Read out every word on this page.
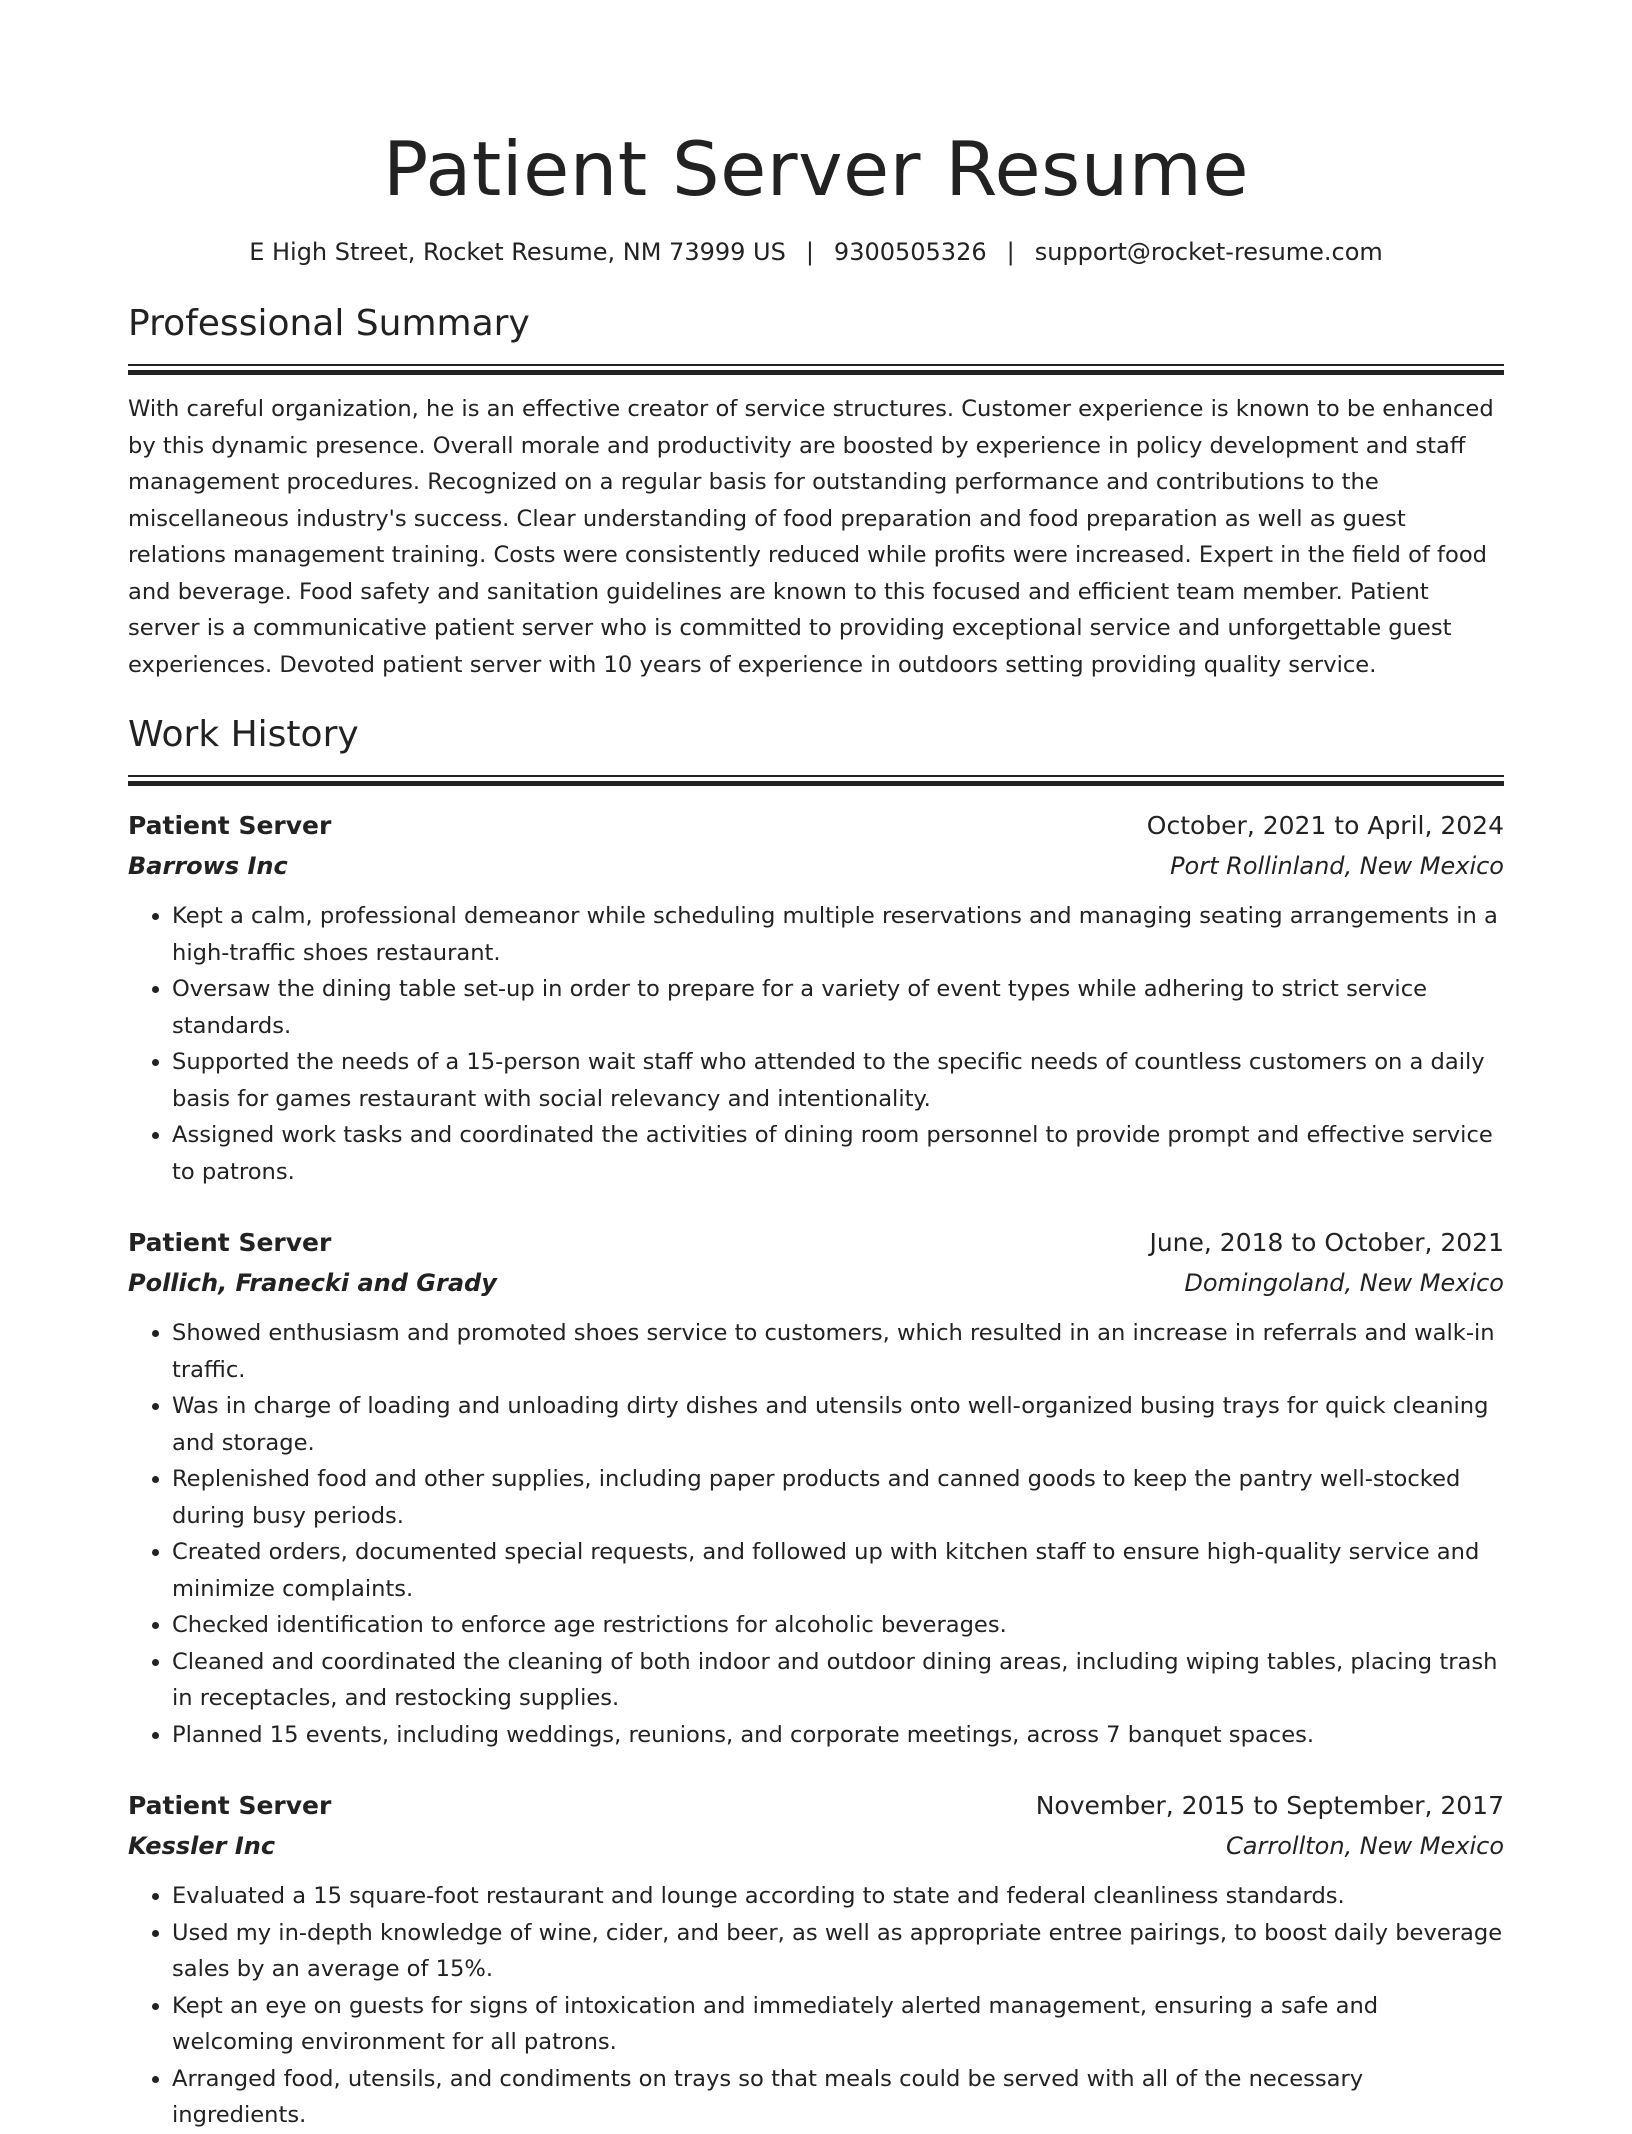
Patient Server Resume
E High Street, Rocket Resume, NM 73999 US | 9300505326 | support@rocket-resume.com
Professional Summary

With careful organization, he is an effective creator of service structures. Customer experience is known to be enhanced by this dynamic presence. Overall morale and productivity are boosted by experience in policy development and staff management procedures. Recognized on a regular basis for outstanding performance and contributions to the miscellaneous industry's success. Clear understanding of food preparation and food preparation as well as guest relations management training. Costs were consistently reduced while profits were increased. Expert in the field of food and beverage. Food safety and sanitation guidelines are known to this focused and efficient team member. Patient server is a communicative patient server who is committed to providing exceptional service and unforgettable guest experiences. Devoted patient server with 10 years of experience in outdoors setting providing quality service.

Work History
Patient Server	October, 2021 to April, 2024
Barrows Inc	Port Rollinland, New Mexico
• Kept a calm, professional demeanor while scheduling multiple reservations and managing seating arrangements in a high-traffic shoes restaurant.
• Oversaw the dining table set-up in order to prepare for a variety of event types while adhering to strict service standards.
• Supported the needs of a 15-person wait staff who attended to the specific needs of countless customers on a daily basis for games restaurant with social relevancy and intentionality.
• Assigned work tasks and coordinated the activities of dining room personnel to provide prompt and effective service to patrons.
Patient Server	June, 2018 to October, 2021
Pollich, Franecki and Grady	Domingoland, New Mexico
• Showed enthusiasm and promoted shoes service to customers, which resulted in an increase in referrals and walk-in traffic.
• Was in charge of loading and unloading dirty dishes and utensils onto well-organized busing trays for quick cleaning and storage.
• Replenished food and other supplies, including paper products and canned goods to keep the pantry well-stocked during busy periods.
• Created orders, documented special requests, and followed up with kitchen staff to ensure high-quality service and minimize complaints.
• Checked identification to enforce age restrictions for alcoholic beverages.
• Cleaned and coordinated the cleaning of both indoor and outdoor dining areas, including wiping tables, placing trash in receptacles, and restocking supplies.
• Planned 15 events, including weddings, reunions, and corporate meetings, across 7 banquet spaces.
Patient Server	November, 2015 to September, 2017
Kessler Inc	Carrollton, New Mexico
• Evaluated a 15 square-foot restaurant and lounge according to state and federal cleanliness standards.
• Used my in-depth knowledge of wine, cider, and beer, as well as appropriate entree pairings, to boost daily beverage sales by an average of 15%.
• Kept an eye on guests for signs of intoxication and immediately alerted management, ensuring a safe and welcoming environment for all patrons.
• Arranged food, utensils, and condiments on trays so that meals could be served with all of the necessary ingredients.
